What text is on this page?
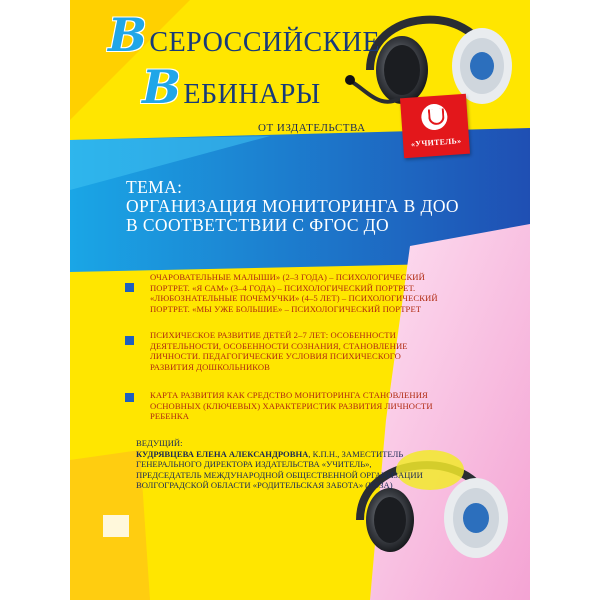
ВСЕРОССИЙСКИЕ
ВЕБИНАРЫ
ОТ ИЗДАТЕЛЬСТВА
«УЧИТЕЛЬ»
ТЕМА:
ОРГАНИЗАЦИЯ МОНИТОРИНГА В ДОО
В СООТВЕТСТВИИ С ФГОС ДО
ОЧАРОВАТЕЛЬНЫЕ МАЛЫШИ» (2–3 ГОДА) – ПСИХОЛОГИЧЕСКИЙ
ПОРТРЕТ. «Я САМ» (3–4 ГОДА) – ПСИХОЛОГИЧЕСКИЙ ПОРТРЕТ.
«ЛЮБОЗНАТЕЛЬНЫЕ ПОЧЕМУЧКИ» (4–5 ЛЕТ) – ПСИХОЛОГИЧЕСКИЙ
ПОРТРЕТ. «МЫ УЖЕ БОЛЬШИЕ» – ПСИХОЛОГИЧЕСКИЙ ПОРТРЕТ
ПСИХИЧЕСКОЕ РАЗВИТИЕ ДЕТЕЙ 2–7 ЛЕТ: ОСОБЕННОСТИ
ДЕЯТЕЛЬНОСТИ, ОСОБЕННОСТИ СОЗНАНИЯ, СТАНОВЛЕНИЕ
ЛИЧНОСТИ. ПЕДАГОГИЧЕСКИЕ УСЛОВИЯ ПСИХИЧЕСКОГО
РАЗВИТИЯ ДОШКОЛЬНИКОВ
КАРТА РАЗВИТИЯ КАК СРЕДСТВО МОНИТОРИНГА СТАНОВЛЕНИЯ
ОСНОВНЫХ (КЛЮЧЕВЫХ) ХАРАКТЕРИСТИК РАЗВИТИЯ ЛИЧНОСТИ
РЕБЕНКА
ВЕДУЩИЙ:
КУДРЯВЦЕВА ЕЛЕНА АЛЕКСАНДРОВНА, К.П.Н., ЗАМЕСТИТЕЛЬ
ГЕНЕРАЛЬНОГО ДИРЕКТОРА ИЗДАТЕЛЬСТВА «УЧИТЕЛЬ»,
ПРЕДСЕДАТЕЛЬ МЕЖДУНАРОДНОЙ ОБЩЕСТВЕННОЙ ОРГАНИЗАЦИИ
ВОЛГОГРАДСКОЙ ОБЛАСТИ «РОДИТЕЛЬСКАЯ ЗАБОТА» (РОЗА)
